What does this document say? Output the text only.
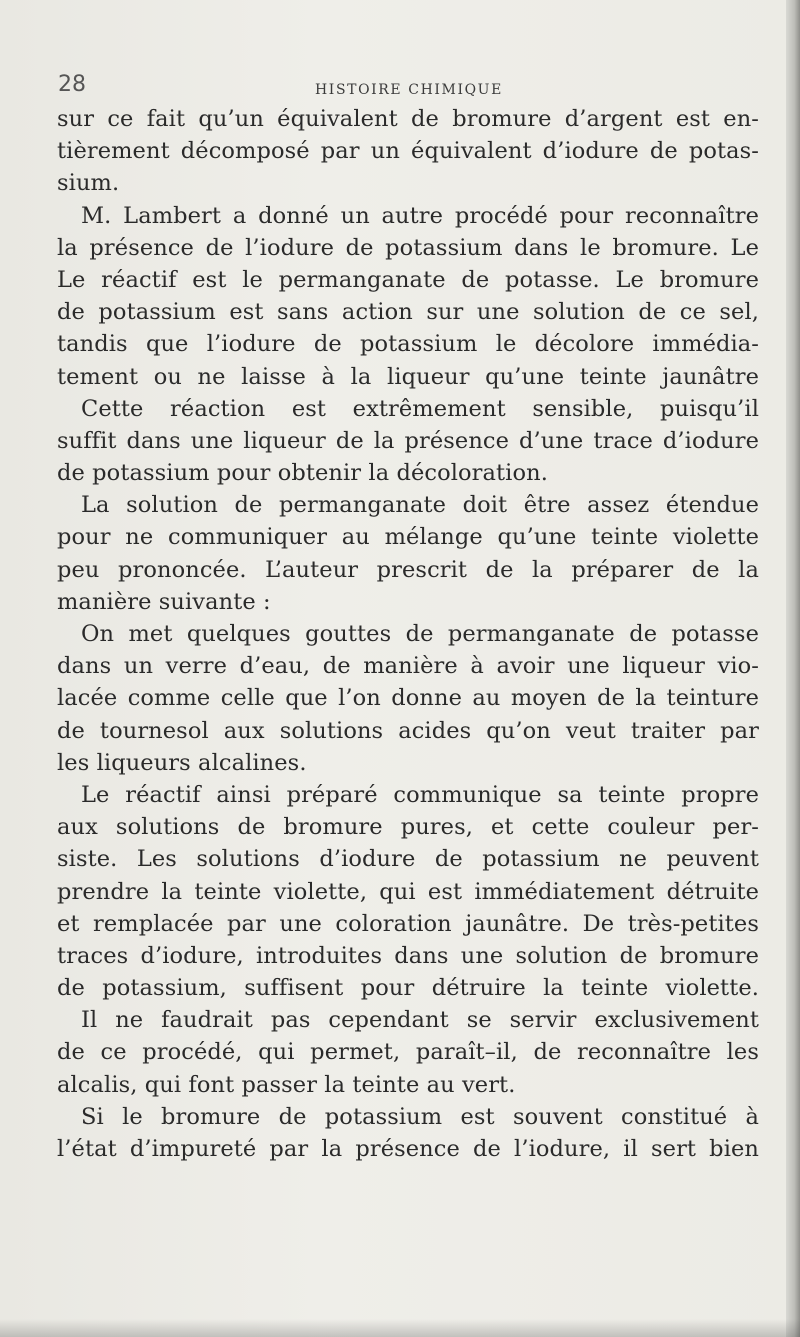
28	HISTOIRE CHIMIQUE
sur ce fait qu’un équivalent de bromure d’argent est en-
tièrement décomposé par un équivalent d’iodure de potas-
sium.
M. Lambert a donné un autre procédé pour reconnaître
la présence de l’iodure de potassium dans le bromure. Le
Le réactif est le permanganate de potasse. Le bromure
de potassium est sans action sur une solution de ce sel,
tandis que l’iodure de potassium le décolore immédia-
tement ou ne laisse à la liqueur qu’une teinte jaunâtre
Cette réaction est extrêmement sensible, puisqu’il
suffit dans une liqueur de la présence d’une trace d’iodure
de potassium pour obtenir la décoloration.
La solution de permanganate doit être assez étendue
pour ne communiquer au mélange qu’une teinte violette
peu prononcée. L’auteur prescrit de la préparer de la
manière suivante :
On met quelques gouttes de permanganate de potasse
dans un verre d’eau, de manière à avoir une liqueur vio-
lacée comme celle que l’on donne au moyen de la teinture
de tournesol aux solutions acides qu’on veut traiter par
les liqueurs alcalines.
Le réactif ainsi préparé communique sa teinte propre
aux solutions de bromure pures, et cette couleur per-
siste. Les solutions d’iodure de potassium ne peuvent
prendre la teinte violette, qui est immédiatement détruite
et remplacée par une coloration jaunâtre. De très-petites
traces d’iodure, introduites dans une solution de bromure
de potassium, suffisent pour détruire la teinte violette.
Il ne faudrait pas cependant se servir exclusivement
de ce procédé, qui permet, paraît–il, de reconnaître les
alcalis, qui font passer la teinte au vert.
Si le bromure de potassium est souvent constitué à
l’état d’impureté par la présence de l’iodure, il sert bien
